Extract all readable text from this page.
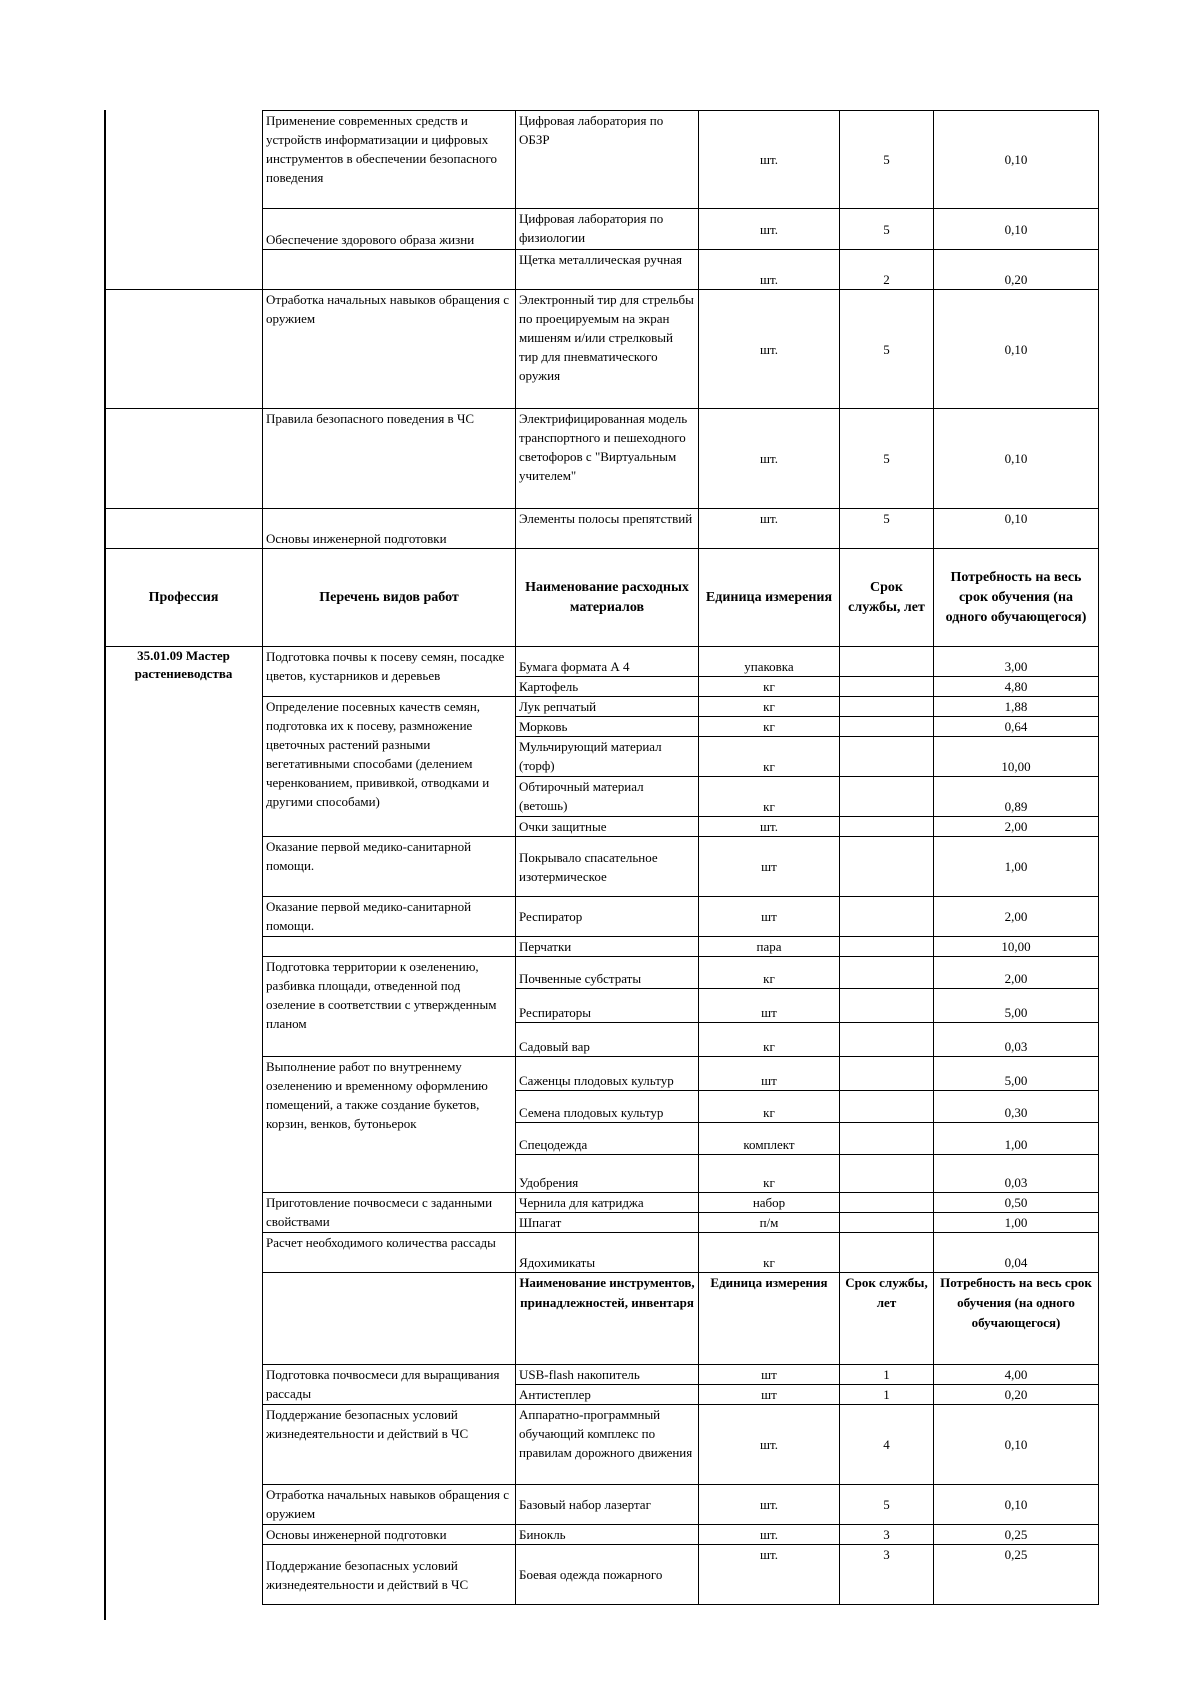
	Применение современных средств и устройств информатизации и цифровых инструментов в обеспечении безопасного поведения	Цифровая лаборатория по ОБЗР	шт.	5	0,10
	Обеспечение здорового образа жизни	Цифровая лаборатория по физиологии	шт.	5	0,10
		Щетка металлическая ручная	шт.	2	0,20
	Отработка начальных навыков обращения с оружием	Электронный тир для стрельбы по проецируемым на экран мишеням и/или стрелковый тир для пневматического оружия	шт.	5	0,10
	Правила безопасного поведения в ЧС	Электрифицированная модель транспортного и пешеходного светофоров с "Виртуальным учителем"	шт.	5	0,10
	Основы инженерной подготовки	Элементы полосы препятствий	шт.	5	0,10
Профессия	Перечень видов работ	Наименование расходных материалов	Единица измерения	Срок службы, лет	Потребность на весь срок обучения (на одного обучающегося)
35.01.09 Мастер растениеводства	Подготовка почвы к посеву семян, посадке цветов, кустарников и деревьев	Бумага формата А 4	упаковка		3,00
		Картофель	кг		4,80
	Определение посевных качеств семян, подготовка их к посеву, размножение цветочных растений разными вегетативными способами (делением черенкованием, прививкой, отводками и другими способами)	Лук репчатый	кг		1,88
		Морковь	кг		0,64
		Мульчирующий материал (торф)	кг		10,00
		Обтирочный материал (ветошь)	кг		0,89
		Очки защитные	шт.		2,00
	Оказание первой медико-санитарной помощи.	Покрывало спасательное изотермическое	шт		1,00
	Оказание первой медико-санитарной помощи.	Респиратор	шт		2,00
		Перчатки	пара		10,00
	Подготовка территории к озеленению, разбивка площади, отведенной под озеление в соответствии с утвержденным планом	Почвенные субстраты	кг		2,00
		Респираторы	шт		5,00
		Садовый вар	кг		0,03
	Выполнение работ по внутреннему озеленению и временному оформлению помещений, а также создание букетов, корзин, венков, бутоньерок	Саженцы плодовых культур	шт		5,00
		Семена плодовых культур	кг		0,30
		Спецодежда	комплект		1,00
		Удобрения	кг		0,03
	Приготовление почвосмеси с заданными свойствами	Чернила для катриджа	набор		0,50
		Шпагат	п/м		1,00
	Расчет необходимого количества рассады	Ядохимикаты	кг		0,04
		Наименование инструментов, принадлежностей, инвентаря	Единица измерения	Срок службы, лет	Потребность на весь срок обучения (на одного обучающегося)
	Подготовка почвосмеси для выращивания рассады	USB-flash накопитель	шт	1	4,00
		Антистеплер	шт	1	0,20
	Поддержание безопасных условий жизнедеятельности и действий в ЧС	Аппаратно-программный обучающий комплекс по правилам дорожного движения	шт.	4	0,10
	Отработка начальных навыков обращения с оружием	Базовый набор лазертаг	шт.	5	0,10
	Основы инженерной подготовки	Бинокль	шт.	3	0,25
	Поддержание безопасных условий жизнедеятельности и действий в ЧС	Боевая одежда пожарного	шт.	3	0,25
